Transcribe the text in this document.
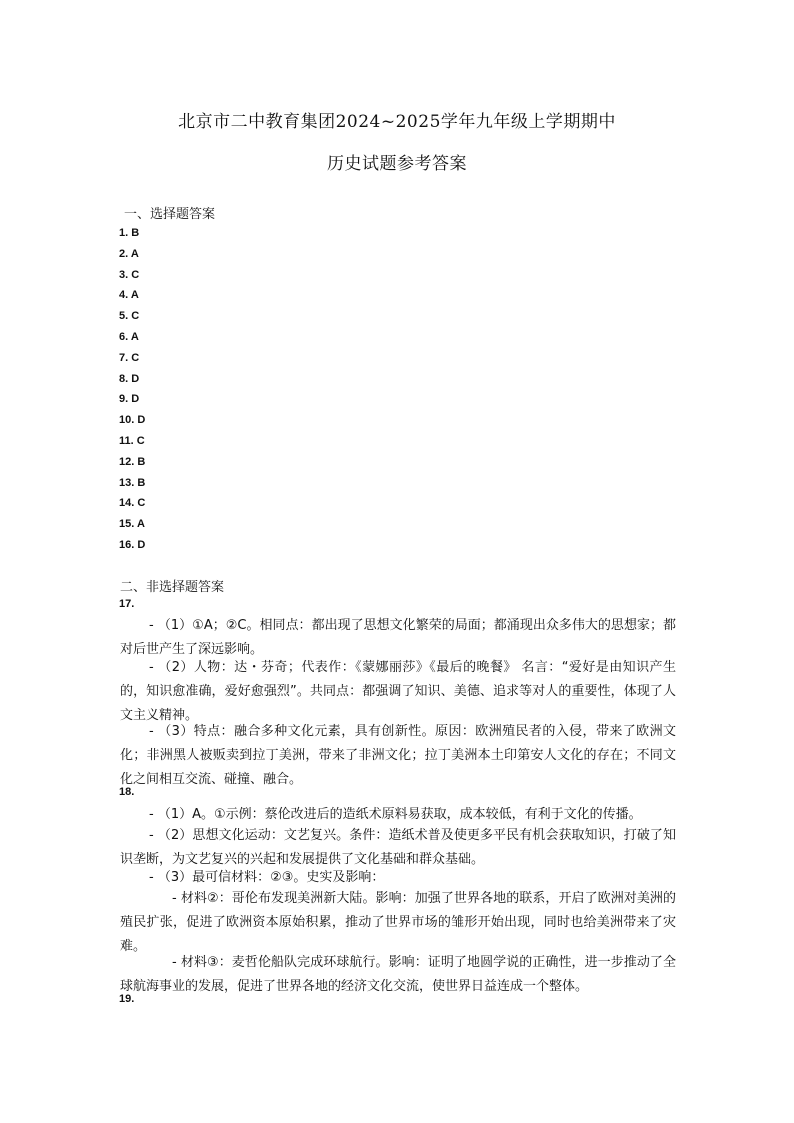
北京市二中教育集团2024~2025学年九年级上学期期中
历史试题参考答案
一、选择题答案
1. B
2. A
3. C
4. A
5. C
6. A
7. C
8. D
9. D
10. D
11. C
12. B
13. B
14. C
15. A
16. D
二、非选择题答案
17.

- （1）①A；②C。相同点：都出现了思想文化繁荣的局面；都涌现出众多伟大的思想家；都对后世产生了深远影响。

- （2）人物：达・芬奇；代表作：《蒙娜丽莎》《最后的晚餐》 名言：“爱好是由知识产生的，知识愈准确，爱好愈强烈”。共同点：都强调了知识、美德、追求等对人的重要性，体现了人文主义精神。

- （3）特点：融合多种文化元素，具有创新性。原因：欧洲殖民者的入侵，带来了欧洲文化；非洲黑人被贩卖到拉丁美洲，带来了非洲文化；拉丁美洲本土印第安人文化的存在；不同文化之间相互交流、碰撞、融合。

18.

- （1）A。①示例：蔡伦改进后的造纸术原料易获取，成本较低，有利于文化的传播。

- （2）思想文化运动：文艺复兴。条件：造纸术普及使更多平民有机会获取知识，打破了知识垄断，为文艺复兴的兴起和发展提供了文化基础和群众基础。

- （3）最可信材料：②③。史实及影响：

- 材料②：哥伦布发现美洲新大陆。影响：加强了世界各地的联系，开启了欧洲对美洲的殖民扩张，促进了欧洲资本原始积累，推动了世界市场的雏形开始出现，同时也给美洲带来了灾难。

- 材料③：麦哲伦船队完成环球航行。影响：证明了地圆学说的正确性，进一步推动了全球航海事业的发展，促进了世界各地的经济文化交流，使世界日益连成一个整体。

19.
